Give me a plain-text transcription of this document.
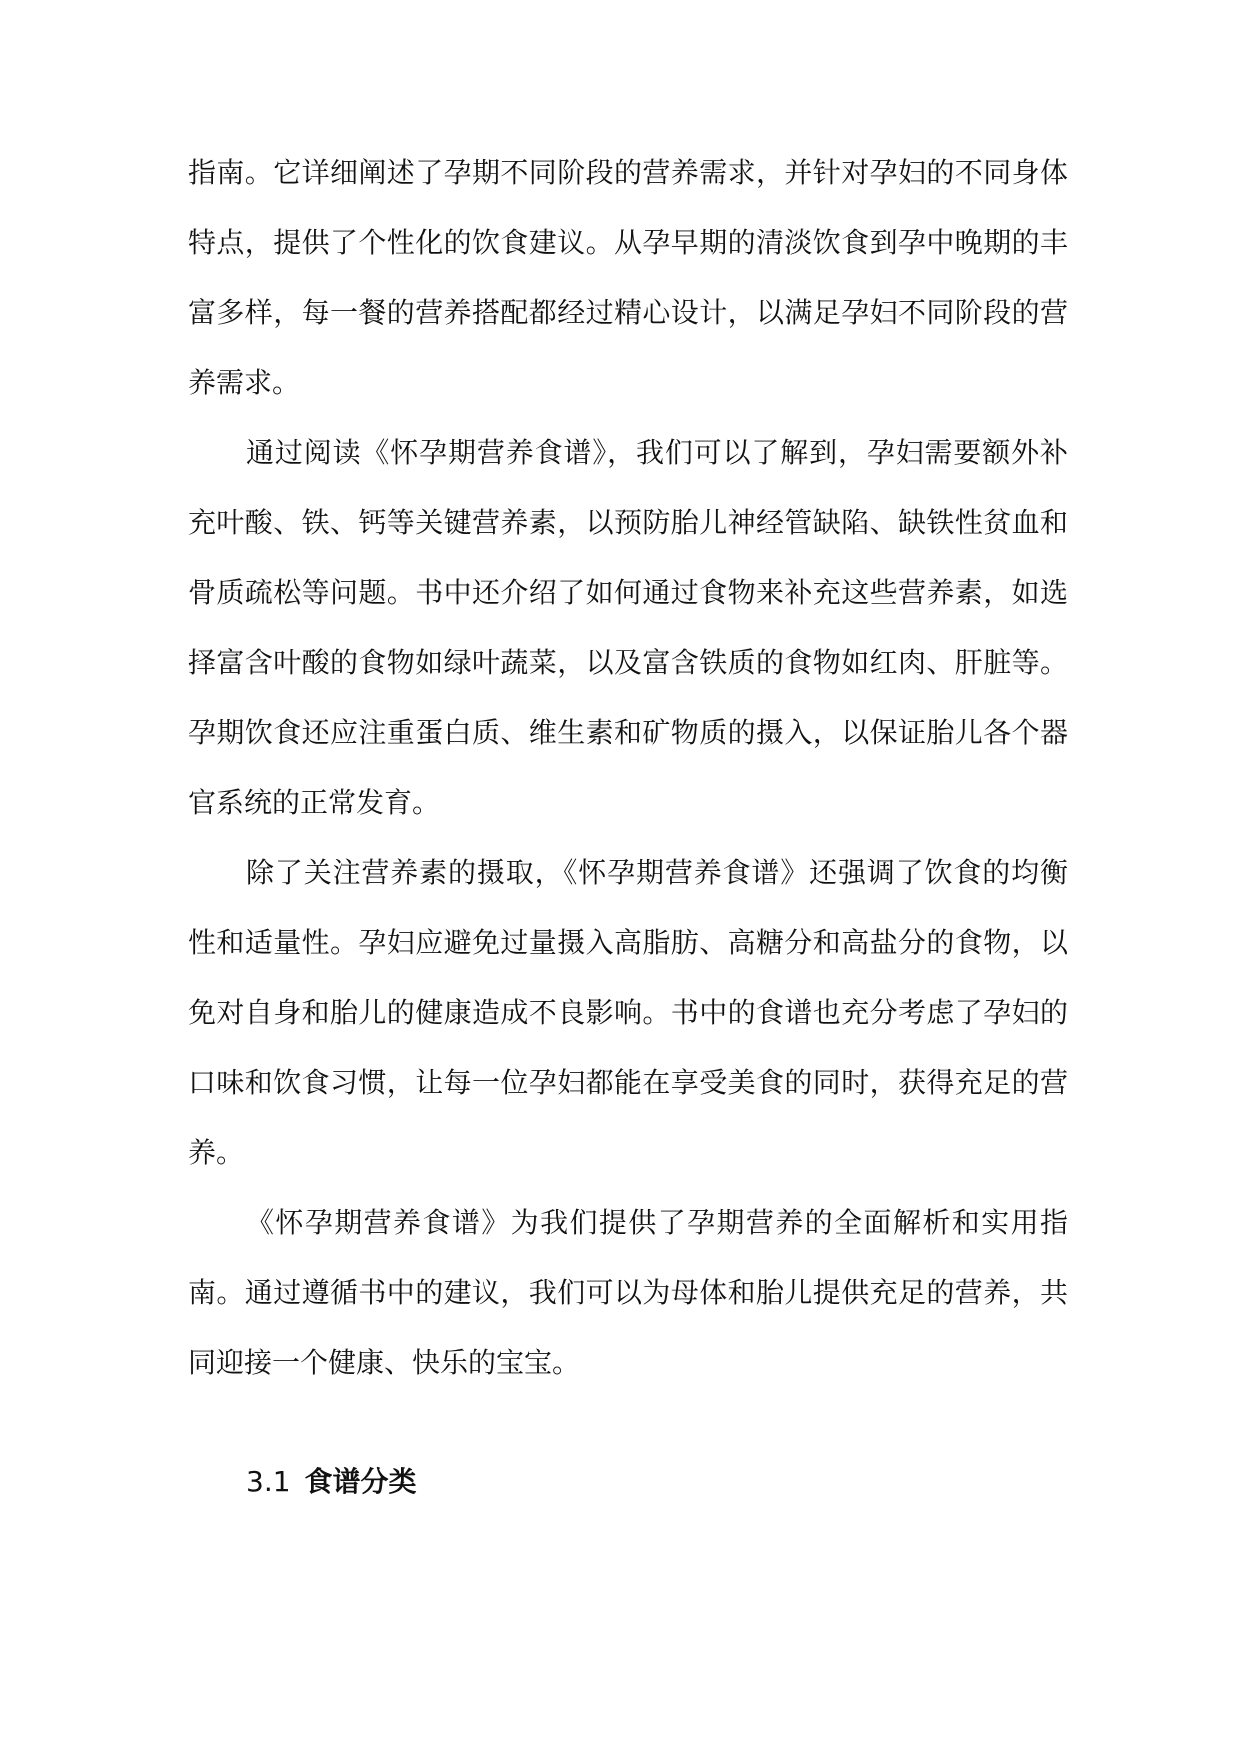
指南。它详细阐述了孕期不同阶段的营养需求，并针对孕妇的不同身体特点，提供了个性化的饮食建议。从孕早期的清淡饮食到孕中晚期的丰富多样，每一餐的营养搭配都经过精心设计，以满足孕妇不同阶段的营养需求。

通过阅读《怀孕期营养食谱》，我们可以了解到，孕妇需要额外补充叶酸、铁、钙等关键营养素，以预防胎儿神经管缺陷、缺铁性贫血和骨质疏松等问题。书中还介绍了如何通过食物来补充这些营养素，如选择富含叶酸的食物如绿叶蔬菜，以及富含铁质的食物如红肉、肝脏等。孕期饮食还应注重蛋白质、维生素和矿物质的摄入，以保证胎儿各个器官系统的正常发育。

除了关注营养素的摄取，《怀孕期营养食谱》还强调了饮食的均衡性和适量性。孕妇应避免过量摄入高脂肪、高糖分和高盐分的食物，以免对自身和胎儿的健康造成不良影响。书中的食谱也充分考虑了孕妇的口味和饮食习惯，让每一位孕妇都能在享受美食的同时，获得充足的营养。

《怀孕期营养食谱》为我们提供了孕期营养的全面解析和实用指南。通过遵循书中的建议，我们可以为母体和胎儿提供充足的营养，共同迎接一个健康、快乐的宝宝。

3.1 食谱分类
